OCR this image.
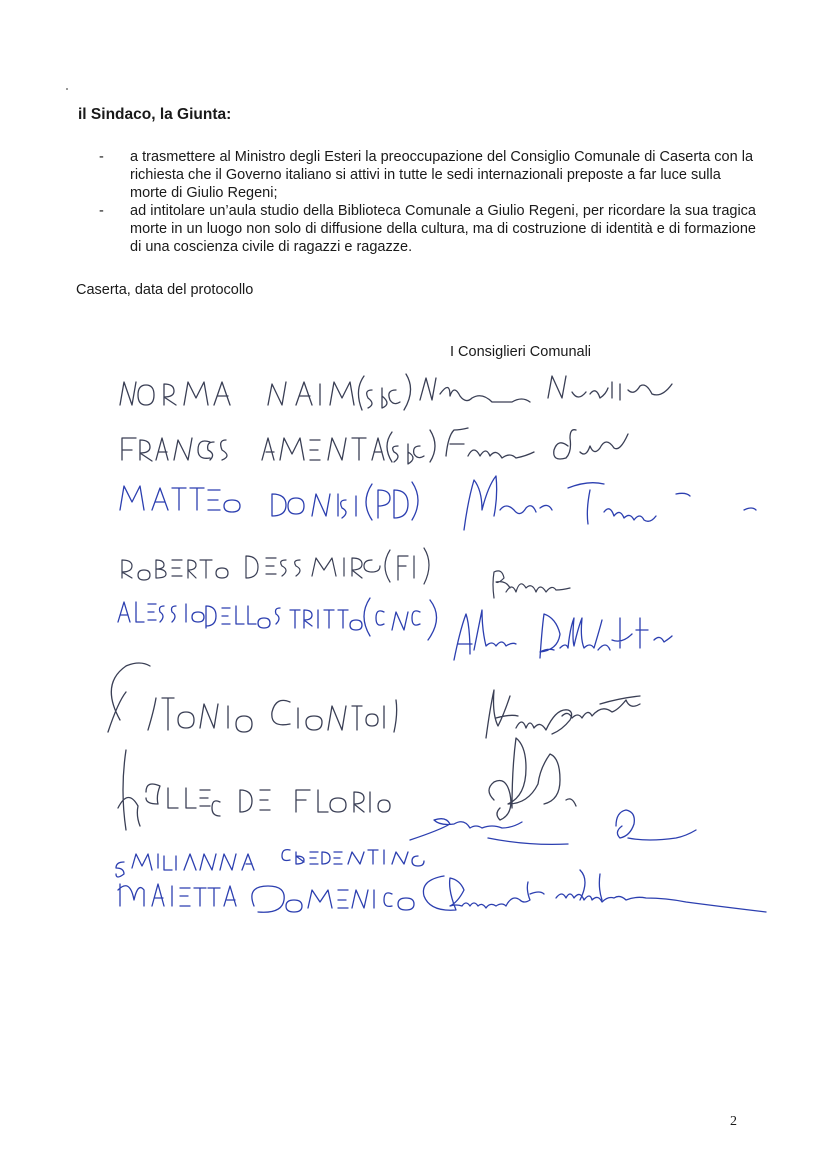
il Sindaco, la Giunta:

- a trasmettere al Ministro degli Esteri la preoccupazione del Consiglio Comunale di Caserta con la richiesta che il Governo italiano si attivi in tutte le sedi internazionali preposte a far luce sulla morte di Giulio Regeni;
- ad intitolare un’aula studio della Biblioteca Comunale a Giulio Regeni, per ricordare la sua tragica morte in un luogo non solo di diffusione della cultura, ma di costruzione di identità e di formazione di una coscienza civile di ragazzi e ragazze.

Caserta, data del protocollo

I Consiglieri Comunali

2
